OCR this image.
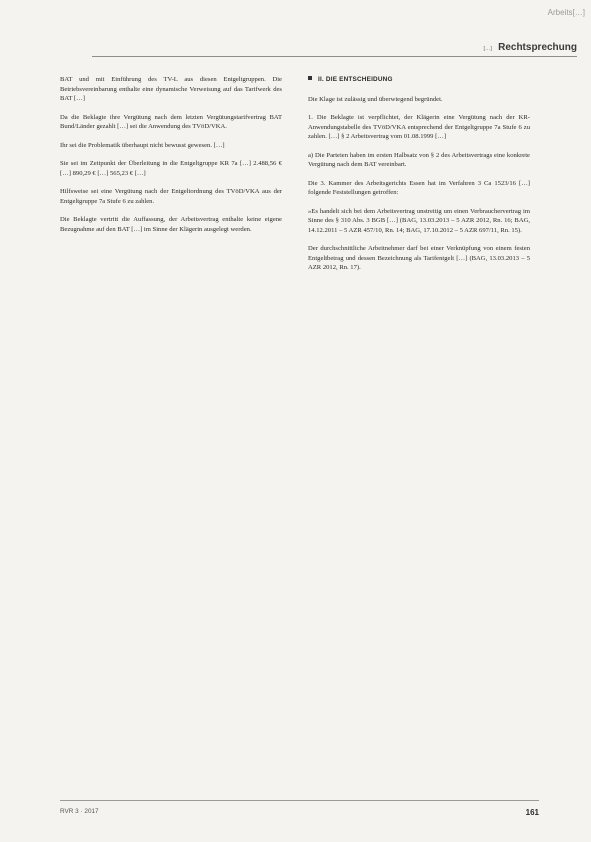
Arbeits[…]
[…] Rechtsprechung

BAT und mit Einführung des TV-L aus diesen Entgeltgruppen. Die Betriebsvereinbarung enthalte eine dynamische Verweisung auf das Tarifwerk des BAT […]

Da die Beklagte ihre Vergütung nach dem letzten Vergütungstarifvertrag BAT Bund/Länder gezahlt […] sei die Anwendung des TVöD/VKA.

Ihr sei die Problematik überhaupt nicht bewusst gewesen. […]

Sie sei im Zeitpunkt der Überleitung in die Entgeltgruppe KR 7a […] 2.488,56 € […] 890,29 € […] 565,23 € […]

Hilfsweise sei eine Vergütung nach der Entgeltordnung des TVöD/VKA aus der Entgeltgruppe 7a Stufe 6 zu zahlen.

Die Beklagte vertritt die Auffassung, der Arbeitsvertrag enthalte keine eigene Bezugnahme auf den BAT […] im Sinne der Klägerin ausgelegt werden.

II. DIE ENTSCHEIDUNG

Die Klage ist zulässig und überwiegend begründet.

1. Die Beklagte ist verpflichtet, der Klägerin eine Vergütung nach der KR-Anwendungstabelle des TVöD/VKA entsprechend der Entgeltgruppe 7a Stufe 6 zu zahlen. […] § 2 Arbeitsvertrag vom 01.08.1999 […]

a) Die Parteien haben im ersten Halbsatz von § 2 des Arbeitsvertrags eine konkrete Vergütung nach dem BAT vereinbart.

Die 3. Kammer des Arbeitsgerichts Essen hat im Verfahren 3 Ca 1523/16 […] folgende Feststellungen getroffen:

»Es handelt sich bei dem Arbeitsvertrag unstreitig um einen Verbrauchervertrag im Sinne des § 310 Abs. 3 BGB […] (BAG, 13.03.2013 – 5 AZR 2012, Rn. 16; BAG, 14.12.2011 – 5 AZR 457/10, Rn. 14; BAG, 17.10.2012 – 5 AZR 697/11, Rn. 15).

Der durchschnittliche Arbeitnehmer darf bei einer Verknüpfung von einem festen Entgeltbetrag und dessen Bezeichnung als Tarifentgelt […] (BAG, 13.03.2013 – 5 AZR 2012, Rn. 17).

RVR 3 · 2017	161
